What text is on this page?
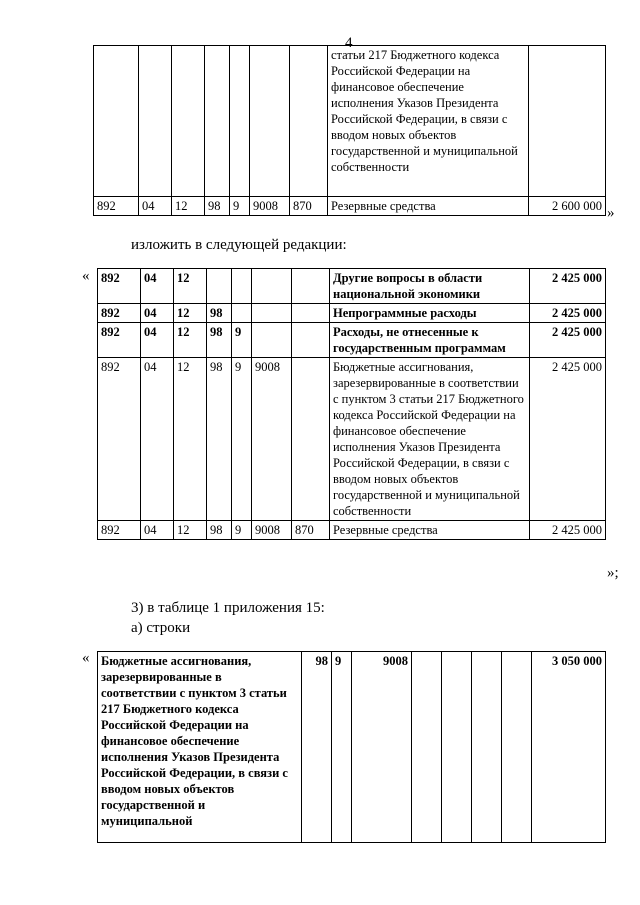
4
							статьи 217 Бюджетного кодекса Российской Федерации на финансовое обеспечение исполнения Указов Президента Российской Федерации, в связи с вводом новых объектов государственной и муниципальной собственности	
892	04	12	98	9	9008	870	Резервные средства	2 600 000 »
изложить в следующей редакции:
« 892	04	12					Другие вопросы в области национальной экономики	2 425 000
892	04	12	98				Непрограммные расходы	2 425 000
892	04	12	98	9			Расходы, не отнесенные к государственным программам	2 425 000
892	04	12	98	9	9008		Бюджетные ассигнования, зарезервированные в соответствии с пунктом 3 статьи 217 Бюджетного кодекса Российской Федерации на финансовое обеспечение исполнения Указов Президента Российской Федерации, в связи с вводом новых объектов государственной и муниципальной собственности	2 425 000
892	04	12	98	9	9008	870	Резервные средства	2 425 000
»;
3) в таблице 1 приложения 15:
а) строки
« Бюджетные ассигнования, зарезервированные в соответствии с пунктом 3 статьи 217 Бюджетного кодекса Российской Федерации на финансовое обеспечение исполнения Указов Президента Российской Федерации, в связи с вводом новых объектов государственной и муниципальной	98	9	9008					3 050 000
